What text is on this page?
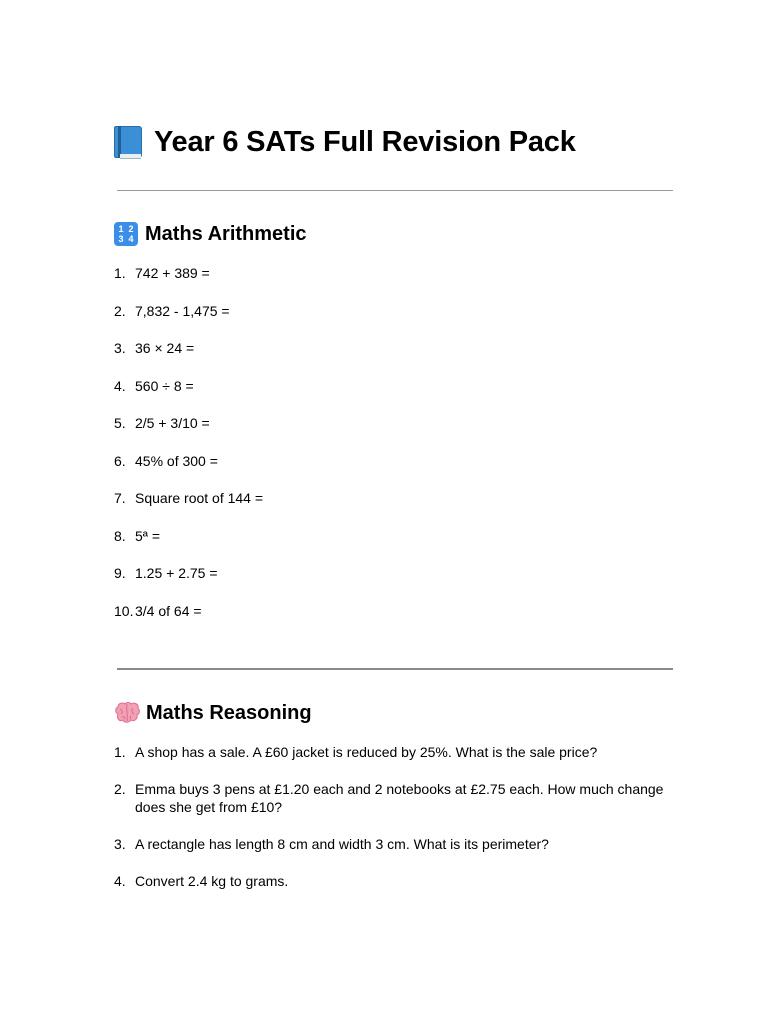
Year 6 SATs Full Revision Pack
1 2
3 4 Maths Arithmetic
1. 742 + 389 =
2. 7,832 - 1,475 =
3. 36 × 24 =
4. 560 ÷ 8 =
5. 2/5 + 3/10 =
6. 45% of 300 =
7. Square root of 144 =
8. 5ª =
9. 1.25 + 2.75 =
10. 3/4 of 64 =
Maths Reasoning
1. A shop has a sale. A £60 jacket is reduced by 25%. What is the sale price?
2. Emma buys 3 pens at £1.20 each and 2 notebooks at £2.75 each. How much change does she get from £10?
3. A rectangle has length 8 cm and width 3 cm. What is its perimeter?
4. Convert 2.4 kg to grams.
